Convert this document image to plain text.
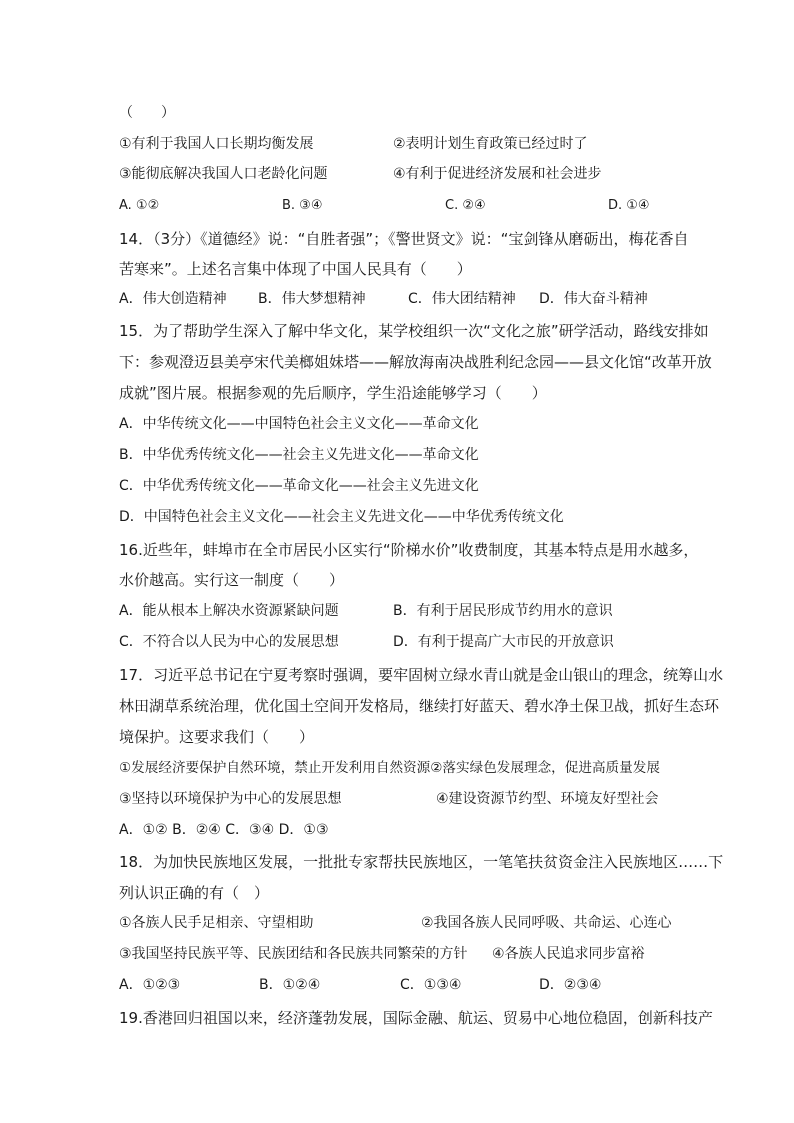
（　　）
①有利于我国人口长期均衡发展	②表明计划生育政策已经过时了
③能彻底解决我国人口老龄化问题	④有利于促进经济发展和社会进步
A. ①②	B. ③④	C. ②④	D. ①④
14．（3分）《道德经》说：“自胜者强”；《警世贤文》说：“宝剑锋从磨砺出，梅花香自
苦寒来”。上述名言集中体现了中国人民具有（　　）
A．伟大创造精神 B．伟大梦想精神	C．伟大团结精神 D．伟大奋斗精神
15．为了帮助学生深入了解中华文化，某学校组织一次“文化之旅”研学活动，路线安排如
下：参观澄迈县美亭宋代美榔姐妹塔——解放海南决战胜利纪念园——县文化馆“改革开放
成就”图片展。根据参观的先后顺序，学生沿途能够学习（　　）
A．中华传统文化——中国特色社会主义文化——革命文化
B．中华优秀传统文化——社会主义先进文化——革命文化
C．中华优秀传统文化——革命文化——社会主义先进文化
D．中国特色社会主义文化——社会主义先进文化——中华优秀传统文化
16.近些年，蚌埠市在全市居民小区实行“阶梯水价”收费制度，其基本特点是用水越多，
水价越高。实行这一制度（　　）
A．能从根本上解决水资源紧缺问题	B．有利于居民形成节约用水的意识
C．不符合以人民为中心的发展思想	D．有利于提高广大市民的开放意识
17．习近平总书记在宁夏考察时强调，要牢固树立绿水青山就是金山银山的理念，统筹山水
林田湖草系统治理，优化国土空间开发格局，继续打好蓝天、碧水净土保卫战，抓好生态环
境保护。这要求我们（　　）
①发展经济要保护自然环境，禁止开发利用自然资源②落实绿色发展理念，促进高质量发展
③坚持以环境保护为中心的发展思想	④建设资源节约型、环境友好型社会
A．①② B．②④ C．③④ D．①③
18．为加快民族地区发展，一批批专家帮扶民族地区，一笔笔扶贫资金注入民族地区……下
列认识正确的有（　）
①各族人民手足相亲、守望相助	②我国各族人民同呼吸、共命运、心连心
③我国坚持民族平等、民族团结和各民族共同繁荣的方针 ④各族人民追求同步富裕
A．①②③	B．①②④	C．①③④	D．②③④
19.香港回归祖国以来，经济蓬勃发展，国际金融、航运、贸易中心地位稳固，创新科技产
